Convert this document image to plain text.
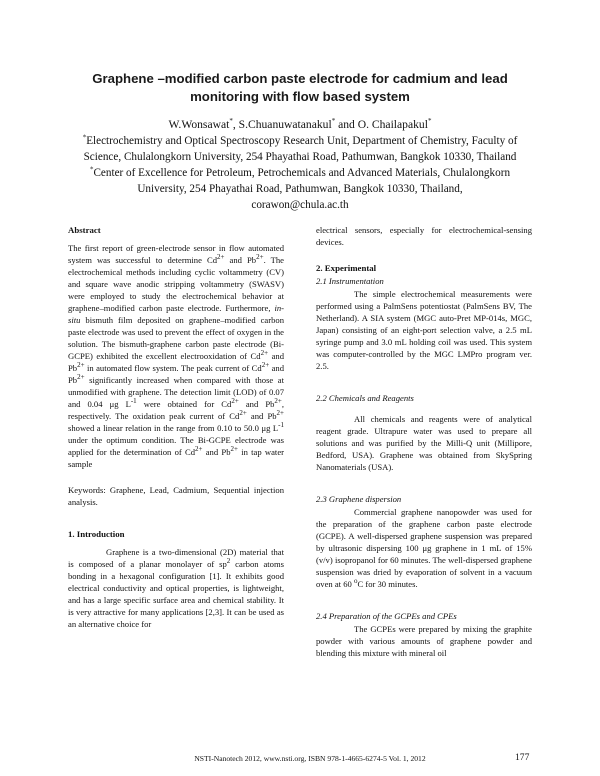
Graphene –modified carbon paste electrode for cadmium and lead monitoring with flow based system
W.Wonsawat*, S.Chuanuwatanakul* and O. Chailapakul*
*Electrochemistry and Optical Spectroscopy Research Unit, Department of Chemistry, Faculty of
Science, Chulalongkorn University, 254 Phayathai Road, Pathumwan, Bangkok 10330, Thailand
*Center of Excellence for Petroleum, Petrochemicals and Advanced Materials, Chulalongkorn
University, 254 Phayathai Road, Pathumwan, Bangkok 10330, Thailand,
corawon@chula.ac.th
Abstract

The first report of green-electrode sensor in flow automated system was successful to determine $Cd^{2+}$ and $Pb^{2+}$. The electrochemical methods including cyclic voltammetry (CV) and square wave anodic stripping voltammetry (SWASV) were employed to study the electrochemical behavior at graphene–modified carbon paste electrode. Furthermore, in-situ bismuth film deposited on graphene–modified carbon paste electrode was used to prevent the effect of oxygen in the solution. The bismuth-graphene carbon paste electrode (Bi-GCPE) exhibited the excellent electrooxidation of $Cd^{2+}$ and $Pb^{2+}$ in automated flow system. The peak current of $Cd^{2+}$ and $Pb^{2+}$ significantly increased when compared with those at unmodified with graphene. The detection limit (LOD) of 0.07 and 0.04 μg $L^{-1}$ were obtained for $Cd^{2+}$ and $Pb^{2+}$, respectively. The oxidation peak current of $Cd^{2+}$ and $Pb^{2+}$ showed a linear relation in the range from 0.10 to 50.0 μg $L^{-1}$ under the optimum condition. The Bi-GCPE electrode was applied for the determination of $Cd^{2+}$ and $Pb^{2+}$ in tap water sample

Keywords: Graphene, Lead, Cadmium, Sequential injection analysis.

1. Introduction

Graphene is a two-dimensional (2D) material that is composed of a planar monolayer of $sp^2$ carbon atoms bonding in a hexagonal configuration [1]. It exhibits good electrical conductivity and optical properties, is lightweight, and has a large specific surface area and chemical stability. It is very attractive for many applications [2,3]. It can be used as an alternative choice for

electrical sensors, especially for electrochemical-sensing devices.

2. Experimental
2.1 Instrumentation

The simple electrochemical measurements were performed using a PalmSens potentiostat (PalmSens BV, The Netherland). A SIA system (MGC auto-Pret MP-014s, MGC, Japan) consisting of an eight-port selection valve, a 2.5 mL syringe pump and 3.0 mL holding coil was used. This system was computer-controlled by the MGC LMPro program ver. 2.5.

2.2 Chemicals and Reagents

All chemicals and reagents were of analytical reagent grade. Ultrapure water was used to prepare all solutions and was purified by the Milli-Q unit (Millipore, Bedford, USA). Graphene was obtained from SkySpring Nanomaterials (USA).

2.3 Graphene dispersion

Commercial graphene nanopowder was used for the preparation of the graphene carbon paste electrode (GCPE). A well-dispersed graphene suspension was prepared by ultrasonic dispersing 100 μg graphene in 1 mL of 15% (v/v) isopropanol for 60 minutes. The well-dispersed graphene suspension was dried by evaporation of solvent in a vacuum oven at 60 $^o$C for 30 minutes.

2.4 Preparation of the GCPEs and CPEs

The GCPEs were prepared by mixing the graphite powder with various amounts of graphene powder and blending this mixture with mineral oil

NSTI-Nanotech 2012, www.nsti.org, ISBN 978-1-4665-6274-5 Vol. 1, 2012	177
